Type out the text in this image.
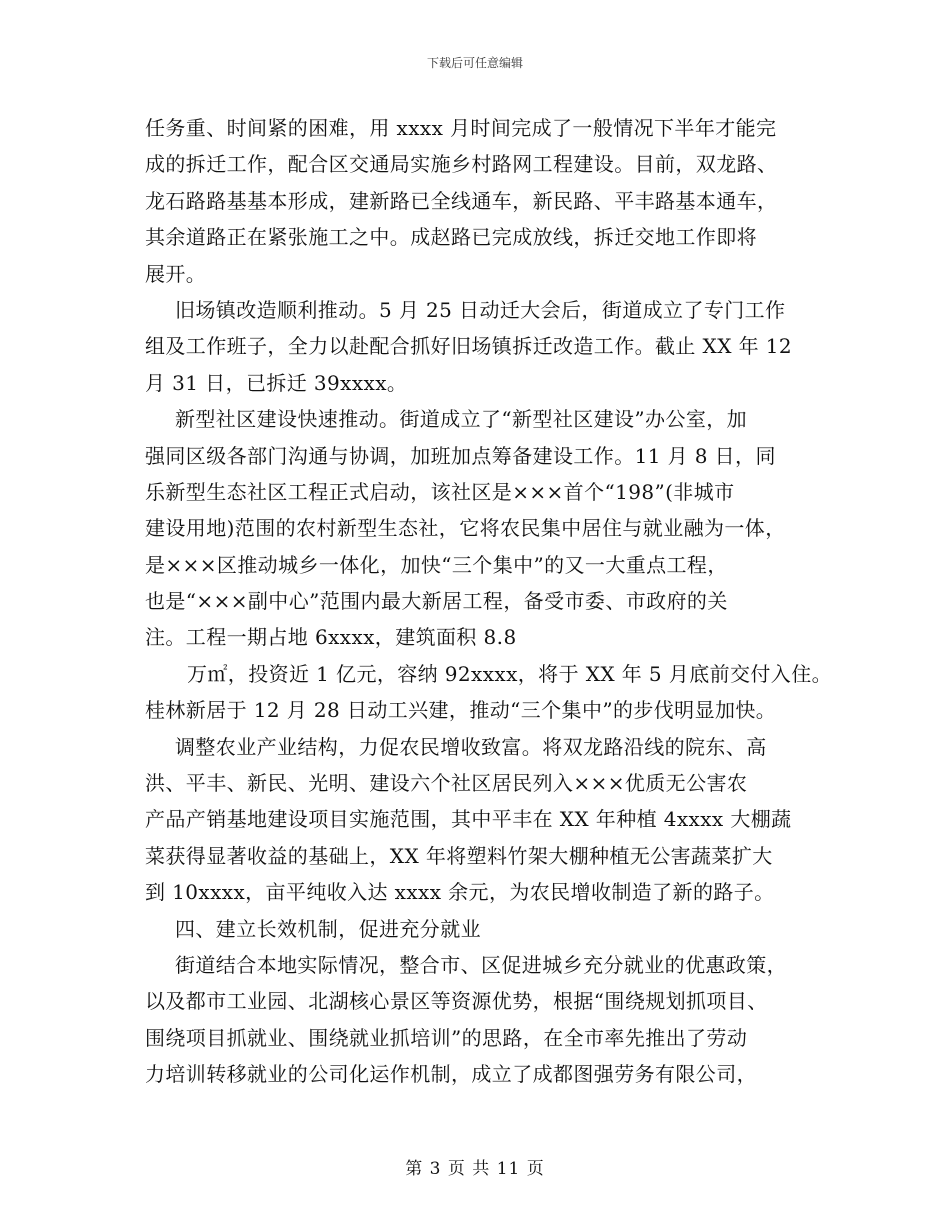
下载后可任意编辑
任务重、时间紧的困难，用 xxxx 月时间完成了一般情况下半年才能完
成的拆迁工作，配合区交通局实施乡村路网工程建设。目前，双龙路、
龙石路路基基本形成，建新路已全线通车，新民路、平丰路基本通车，
其余道路正在紧张施工之中。成赵路已完成放线，拆迁交地工作即将
展开。
旧场镇改造顺利推动。5 月 25 日动迁大会后，街道成立了专门工作
组及工作班子，全力以赴配合抓好旧场镇拆迁改造工作。截止 XX 年 12
月 31 日，已拆迁 39xxxx。
新型社区建设快速推动。街道成立了“新型社区建设”办公室，加
强同区级各部门沟通与协调，加班加点筹备建设工作。11 月 8 日，同
乐新型生态社区工程正式启动，该社区是×××首个“198”(非城市
建设用地)范围的农村新型生态社，它将农民集中居住与就业融为一体，
是×××区推动城乡一体化，加快“三个集中”的又一大重点工程，
也是“×××副中心”范围内最大新居工程，备受市委、市政府的关
注。工程一期占地 6xxxx，建筑面积 8.8
万㎡，投资近 1 亿元，容纳 92xxxx，将于 XX 年 5 月底前交付入住。
桂林新居于 12 月 28 日动工兴建，推动“三个集中”的步伐明显加快。
调整农业产业结构，力促农民增收致富。将双龙路沿线的院东、高
洪、平丰、新民、光明、建设六个社区居民列入×××优质无公害农
产品产销基地建设项目实施范围，其中平丰在 XX 年种植 4xxxx 大棚蔬
菜获得显著收益的基础上，XX 年将塑料竹架大棚种植无公害蔬菜扩大
到 10xxxx，亩平纯收入达 xxxx 余元，为农民增收制造了新的路子。
四、建立长效机制，促进充分就业
街道结合本地实际情况，整合市、区促进城乡充分就业的优惠政策，
以及都市工业园、北湖核心景区等资源优势，根据“围绕规划抓项目、
围绕项目抓就业、围绕就业抓培训”的思路，在全市率先推出了劳动
力培训转移就业的公司化运作机制，成立了成都图强劳务有限公司，
第 3 页 共 11 页
